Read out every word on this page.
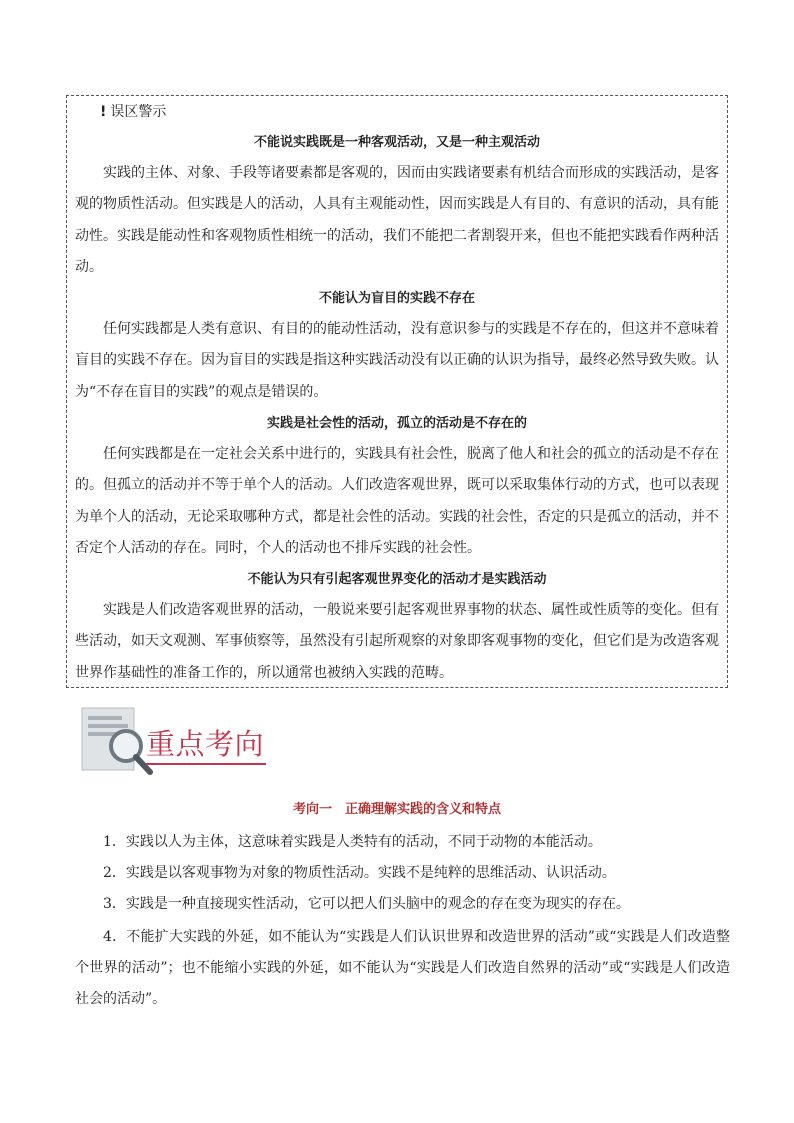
! 误区警示
不能说实践既是一种客观活动，又是一种主观活动

实践的主体、对象、手段等诸要素都是客观的，因而由实践诸要素有机结合而形成的实践活动，是客观的物质性活动。但实践是人的活动，人具有主观能动性，因而实践是人有目的、有意识的活动，具有能动性。实践是能动性和客观物质性相统一的活动，我们不能把二者割裂开来，但也不能把实践看作两种活动。

不能认为盲目的实践不存在

任何实践都是人类有意识、有目的的能动性活动，没有意识参与的实践是不存在的，但这并不意味着盲目的实践不存在。因为盲目的实践是指这种实践活动没有以正确的认识为指导，最终必然导致失败。认为“不存在盲目的实践”的观点是错误的。

实践是社会性的活动，孤立的活动是不存在的

任何实践都是在一定社会关系中进行的，实践具有社会性，脱离了他人和社会的孤立的活动是不存在的。但孤立的活动并不等于单个人的活动。人们改造客观世界，既可以采取集体行动的方式，也可以表现为单个人的活动，无论采取哪种方式，都是社会性的活动。实践的社会性，否定的只是孤立的活动，并不否定个人活动的存在。同时，个人的活动也不排斥实践的社会性。

不能认为只有引起客观世界变化的活动才是实践活动

实践是人们改造客观世界的活动，一般说来要引起客观世界事物的状态、属性或性质等的变化。但有些活动，如天文观测、军事侦察等，虽然没有引起所观察的对象即客观事物的变化，但它们是为改造客观世界作基础性的准备工作的，所以通常也被纳入实践的范畴。

重点考向
考向一　正确理解实践的含义和特点

1．实践以人为主体，这意味着实践是人类特有的活动，不同于动物的本能活动。

2．实践是以客观事物为对象的物质性活动。实践不是纯粹的思维活动、认识活动。

3．实践是一种直接现实性活动，它可以把人们头脑中的观念的存在变为现实的存在。

4．不能扩大实践的外延，如不能认为“实践是人们认识世界和改造世界的活动”或“实践是人们改造整个世界的活动”；也不能缩小实践的外延，如不能认为“实践是人们改造自然界的活动”或“实践是人们改造社会的活动”。
